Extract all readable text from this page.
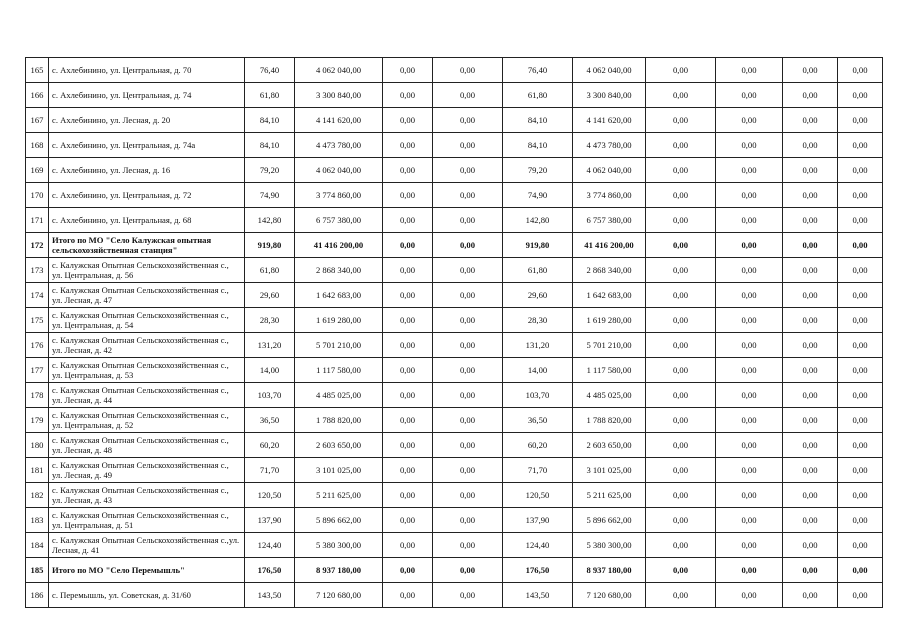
165	с. Ахлебинино, ул. Центральная, д. 70	76,40	4 062 040,00	0,00	0,00	76,40	4 062 040,00	0,00	0,00	0,00	0,00
166	с. Ахлебинино, ул. Центральная, д. 74	61,80	3 300 840,00	0,00	0,00	61,80	3 300 840,00	0,00	0,00	0,00	0,00
167	с. Ахлебинино, ул. Лесная, д. 20	84,10	4 141 620,00	0,00	0,00	84,10	4 141 620,00	0,00	0,00	0,00	0,00
168	с. Ахлебинино, ул. Центральная, д. 74а	84,10	4 473 780,00	0,00	0,00	84,10	4 473 780,00	0,00	0,00	0,00	0,00
169	с. Ахлебинино, ул. Лесная, д. 16	79,20	4 062 040,00	0,00	0,00	79,20	4 062 040,00	0,00	0,00	0,00	0,00
170	с. Ахлебинино, ул. Центральная, д. 72	74,90	3 774 860,00	0,00	0,00	74,90	3 774 860,00	0,00	0,00	0,00	0,00
171	с. Ахлебинино, ул. Центральная, д. 68	142,80	6 757 380,00	0,00	0,00	142,80	6 757 380,00	0,00	0,00	0,00	0,00
172	Итого по МО "Село Калужская опытная сельскохозяйственная станция"	919,80	41 416 200,00	0,00	0,00	919,80	41 416 200,00	0,00	0,00	0,00	0,00
173	с. Калужская Опытная Сельскохозяйственная с., ул. Центральная, д. 56	61,80	2 868 340,00	0,00	0,00	61,80	2 868 340,00	0,00	0,00	0,00	0,00
174	с. Калужская Опытная Сельскохозяйственная с., ул. Лесная, д. 47	29,60	1 642 683,00	0,00	0,00	29,60	1 642 683,00	0,00	0,00	0,00	0,00
175	с. Калужская Опытная Сельскохозяйственная с., ул. Центральная, д. 54	28,30	1 619 280,00	0,00	0,00	28,30	1 619 280,00	0,00	0,00	0,00	0,00
176	с. Калужская Опытная Сельскохозяйственная с., ул. Лесная, д. 42	131,20	5 701 210,00	0,00	0,00	131,20	5 701 210,00	0,00	0,00	0,00	0,00
177	с. Калужская Опытная Сельскохозяйственная с., ул. Центральная, д. 53	14,00	1 117 580,00	0,00	0,00	14,00	1 117 580,00	0,00	0,00	0,00	0,00
178	с. Калужская Опытная Сельскохозяйственная с., ул. Лесная, д. 44	103,70	4 485 025,00	0,00	0,00	103,70	4 485 025,00	0,00	0,00	0,00	0,00
179	с. Калужская Опытная Сельскохозяйственная с., ул. Центральная, д. 52	36,50	1 788 820,00	0,00	0,00	36,50	1 788 820,00	0,00	0,00	0,00	0,00
180	с. Калужская Опытная Сельскохозяйственная с., ул. Лесная, д. 48	60,20	2 603 650,00	0,00	0,00	60,20	2 603 650,00	0,00	0,00	0,00	0,00
181	с. Калужская Опытная Сельскохозяйственная с., ул. Лесная, д. 49	71,70	3 101 025,00	0,00	0,00	71,70	3 101 025,00	0,00	0,00	0,00	0,00
182	с. Калужская Опытная Сельскохозяйственная с., ул. Лесная, д. 43	120,50	5 211 625,00	0,00	0,00	120,50	5 211 625,00	0,00	0,00	0,00	0,00
183	с. Калужская Опытная Сельскохозяйственная с., ул. Центральная, д. 51	137,90	5 896 662,00	0,00	0,00	137,90	5 896 662,00	0,00	0,00	0,00	0,00
184	с. Калужская Опытная Сельскохозяйственная с.,ул. Лесная, д. 41	124,40	5 380 300,00	0,00	0,00	124,40	5 380 300,00	0,00	0,00	0,00	0,00
185	Итого по МО "Село Перемышль"	176,50	8 937 180,00	0,00	0,00	176,50	8 937 180,00	0,00	0,00	0,00	0,00
186	с. Перемышль, ул. Советская, д. 31/60	143,50	7 120 680,00	0,00	0,00	143,50	7 120 680,00	0,00	0,00	0,00	0,00
